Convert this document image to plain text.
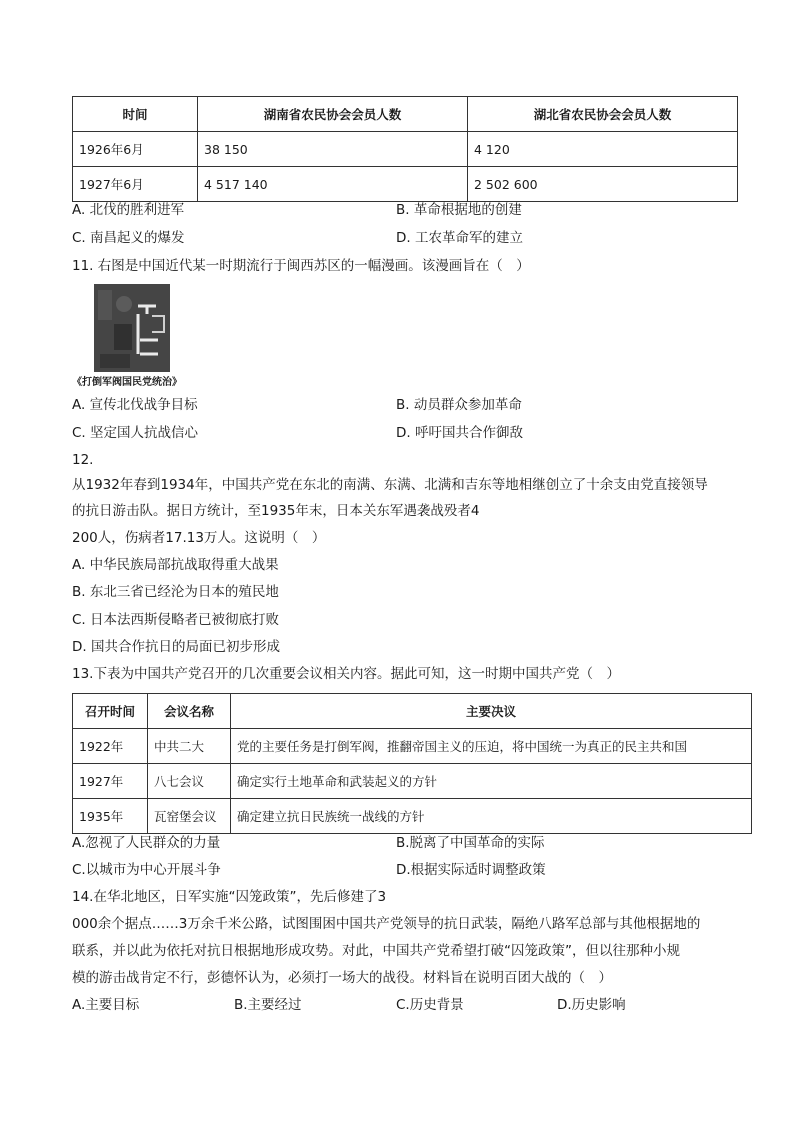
时间	湖南省农民协会会员人数	湖北省农民协会会员人数
1926年6月	38 150	4 120
1927年6月	4 517 140	2 502 600
A. 北伐的胜利进军	B. 革命根据地的创建
C. 南昌起义的爆发	D. 工农革命军的建立
11. 右图是中国近代某一时期流行于闽西苏区的一幅漫画。该漫画旨在（　）
《打倒军阀国民党统治》
A. 宣传北伐战争目标	B. 动员群众参加革命
C. 坚定国人抗战信心	D. 呼吁国共合作御敌
12.
从1932年春到1934年，中国共产党在东北的南满、东满、北满和吉东等地相继创立了十余支由党直接领导
的抗日游击队。据日方统计，至1935年末，日本关东军遇袭战殁者4
200人，伤病者17.13万人。这说明（　）
A. 中华民族局部抗战取得重大战果
B. 东北三省已经沦为日本的殖民地
C. 日本法西斯侵略者已被彻底打败
D. 国共合作抗日的局面已初步形成
13.下表为中国共产党召开的几次重要会议相关内容。据此可知，这一时期中国共产党（　）
召开时间	会议名称	主要决议
1922年	中共二大	党的主要任务是打倒军阀，推翻帝国主义的压迫，将中国统一为真正的民主共和国
1927年	八七会议	确定实行土地革命和武装起义的方针
1935年	瓦窑堡会议	确定建立抗日民族统一战线的方针
A.忽视了人民群众的力量	B.脱离了中国革命的实际
C.以城市为中心开展斗争	D.根据实际适时调整政策
14.在华北地区，日军实施“囚笼政策”，先后修建了3
000余个据点……3万余千米公路，试图围困中国共产党领导的抗日武装，隔绝八路军总部与其他根据地的
联系，并以此为依托对抗日根据地形成攻势。对此，中国共产党希望打破“囚笼政策”，但以往那种小规
模的游击战肯定不行，彭德怀认为，必须打一场大的战役。材料旨在说明百团大战的（　）
A.主要目标	B.主要经过	C.历史背景	D.历史影响
